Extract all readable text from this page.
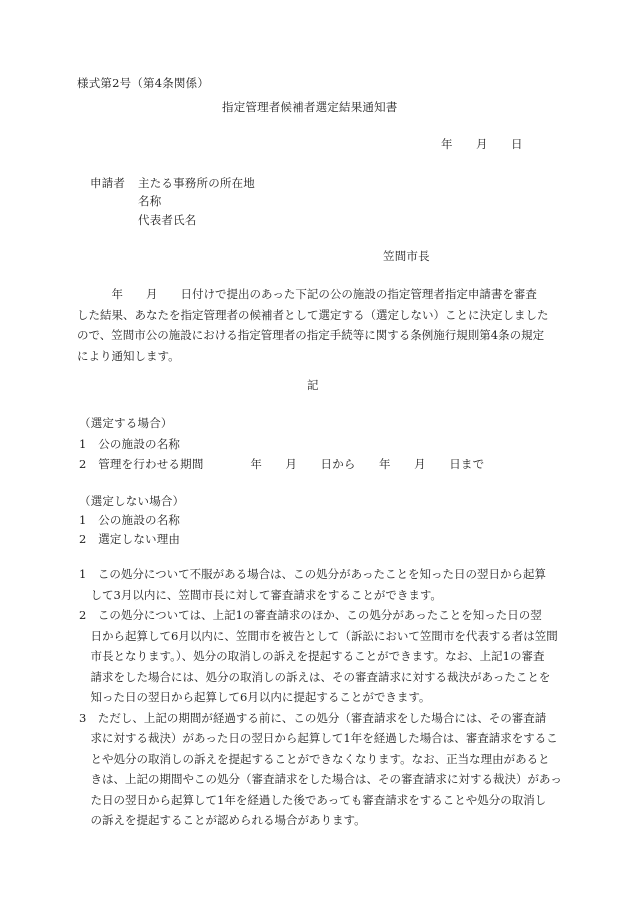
様式第2号（第4条関係）
指定管理者候補者選定結果通知書
年 月 日
申請者 主たる事務所の所在地
名称
代表者氏名
笠間市長
　　　年　　月　　日付けで提出のあった下記の公の施設の指定管理者指定申請書を審査
した結果、あなたを指定管理者の候補者として選定する（選定しない）ことに決定しました
ので、笠間市公の施設における指定管理者の指定手続等に関する条例施行規則第4条の規定
により通知します。
記
（選定する場合）
1　公の施設の名称
2　管理を行わせる期間　　　　年　　月　　日から　　年　　月　　日まで
（選定しない場合）
1　公の施設の名称
2　選定しない理由
1　この処分について不服がある場合は、この処分があったことを知った日の翌日から起算
　して3月以内に、笠間市長に対して審査請求をすることができます。
2　この処分については、上記1の審査請求のほか、この処分があったことを知った日の翌
　日から起算して6月以内に、笠間市を被告として（訴訟において笠間市を代表する者は笠間
　市長となります。）、処分の取消しの訴えを提起することができます。なお、上記1の審査
　請求をした場合には、処分の取消しの訴えは、その審査請求に対する裁決があったことを
　知った日の翌日から起算して6月以内に提起することができます。
3　ただし、上記の期間が経過する前に、この処分（審査請求をした場合には、その審査請
　求に対する裁決）があった日の翌日から起算して1年を経過した場合は、審査請求をするこ
　とや処分の取消しの訴えを提起することができなくなります。なお、正当な理由があると
　きは、上記の期間やこの処分（審査請求をした場合は、その審査請求に対する裁決）があっ
　た日の翌日から起算して1年を経過した後であっても審査請求をすることや処分の取消し
　の訴えを提起することが認められる場合があります。
